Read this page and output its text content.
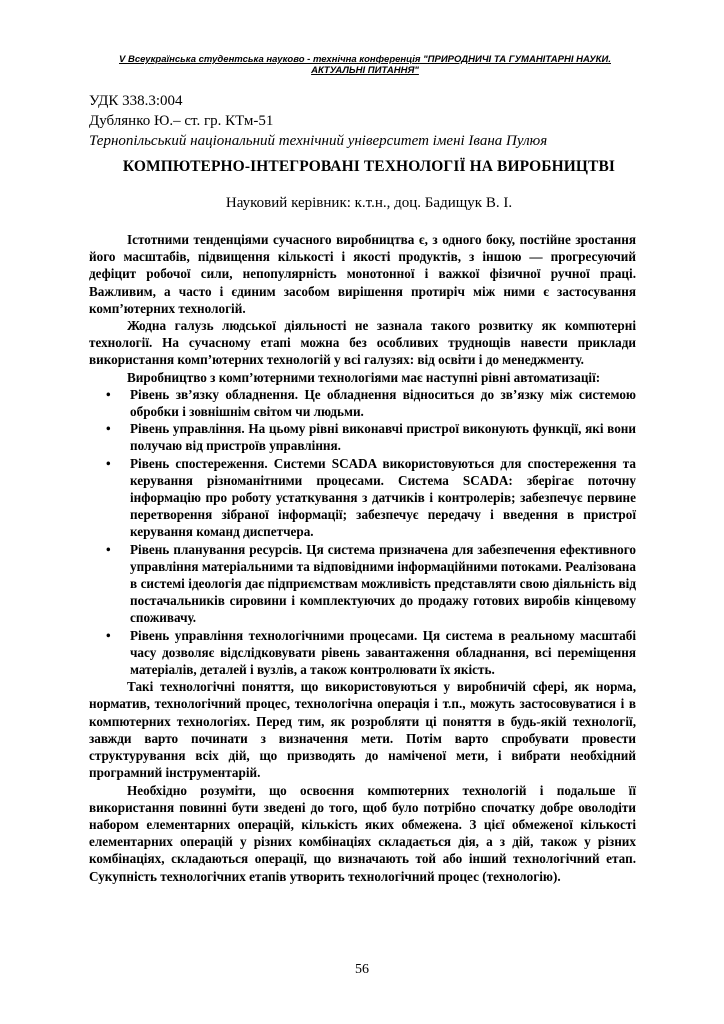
V Всеукраїнська студентська науково - технічна конференція "ПРИРОДНИЧІ ТА ГУМАНІТАРНІ НАУКИ.
АКТУАЛЬНІ ПИТАННЯ"
УДК 338.3:004
Дублянко Ю.– ст. гр. КТм-51
Тернопільський національний технічний університет імені Івана Пулюя
КОМПЮТЕРНО-ІНТЕГРОВАНІ ТЕХНОЛОГІЇ НА ВИРОБНИЦТВІ
Науковий керівник: к.т.н., доц. Бадищук В. І.

Істотними тенденціями сучасного виробництва є, з одного боку, постійне зростання його масштабів, підвищення кількості і якості продуктів, з іншою — прогресуючий дефіцит робочої сили, непопулярність монотонної і важкої фізичної ручної праці. Важливим, а часто і єдиним засобом вирішення протиріч між ними є застосування комп’ютерних технологій.

Жодна галузь людської діяльності не зазнала такого розвитку як компютерні технології. На сучасному етапі можна без особливих труднощів навести приклади використання комп’ютерних технологій у всі галузях: від освіти і до менеджменту.

Виробництво з комп’ютерними технологіями має наступні рівні автоматизації:

• Рівень зв’язку обладнення. Це обладнення відноситься до зв’язку між системою обробки і зовнішнім світом чи людьми.
• Рівень управління. На цьому рівні виконавчі пристрої виконують функції, які вони получаю від пристроїв управління.
• Рівень спостереження. Системи SCADA використовуються для спостереження та керування різноманітними процесами. Система SCADA: зберігає поточну інформацію про роботу устаткування з датчиків і контролерів; забезпечує первине перетворення зібраної інформації; забезпечує передачу і введення в пристрої керування команд диспетчера.
• Рівень планування ресурсів. Ця система призначена для забезпечення ефективного управління матеріальними та відповідними інформаційними потоками. Реалізована в системі ідеологія дає підприємствам можливість представляти свою діяльність від постачальників сировини і комплектуючих до продажу готових виробів кінцевому споживачу.
• Рівень управління технологічними процесами. Ця система в реальному масштабі часу дозволяє відслідковувати рівень завантаження обладнання, всі переміщення матеріалів, деталей і вузлів, а також контролювати їх якість.

Такі технологічні поняття, що використовуються у виробничій сфері, як норма, норматив, технологічний процес, технологічна операція і т.п., можуть застосовуватися і в компютерних технологіях. Перед тим, як розробляти ці поняття в будь-якій технології, завжди варто починати з визначення мети. Потім варто спробувати провести структурування всіх дій, що призводять до наміченої мети, і вибрати необхідний програмний інструментарій.

Необхідно розуміти, що освоєння компютерних технологій і подальше її використання повинні бути зведені до того, щоб було потрібно спочатку добре оволодіти набором елементарних операцій, кількість яких обмежена. З цієї обмеженої кількості елементарних операцій у різних комбінаціях складається дія, а з дій, також у різних комбінаціях, складаються операції, що визначають той або інший технологічний етап. Сукупність технологічних етапів утворить технологічний процес (технологію).

56
